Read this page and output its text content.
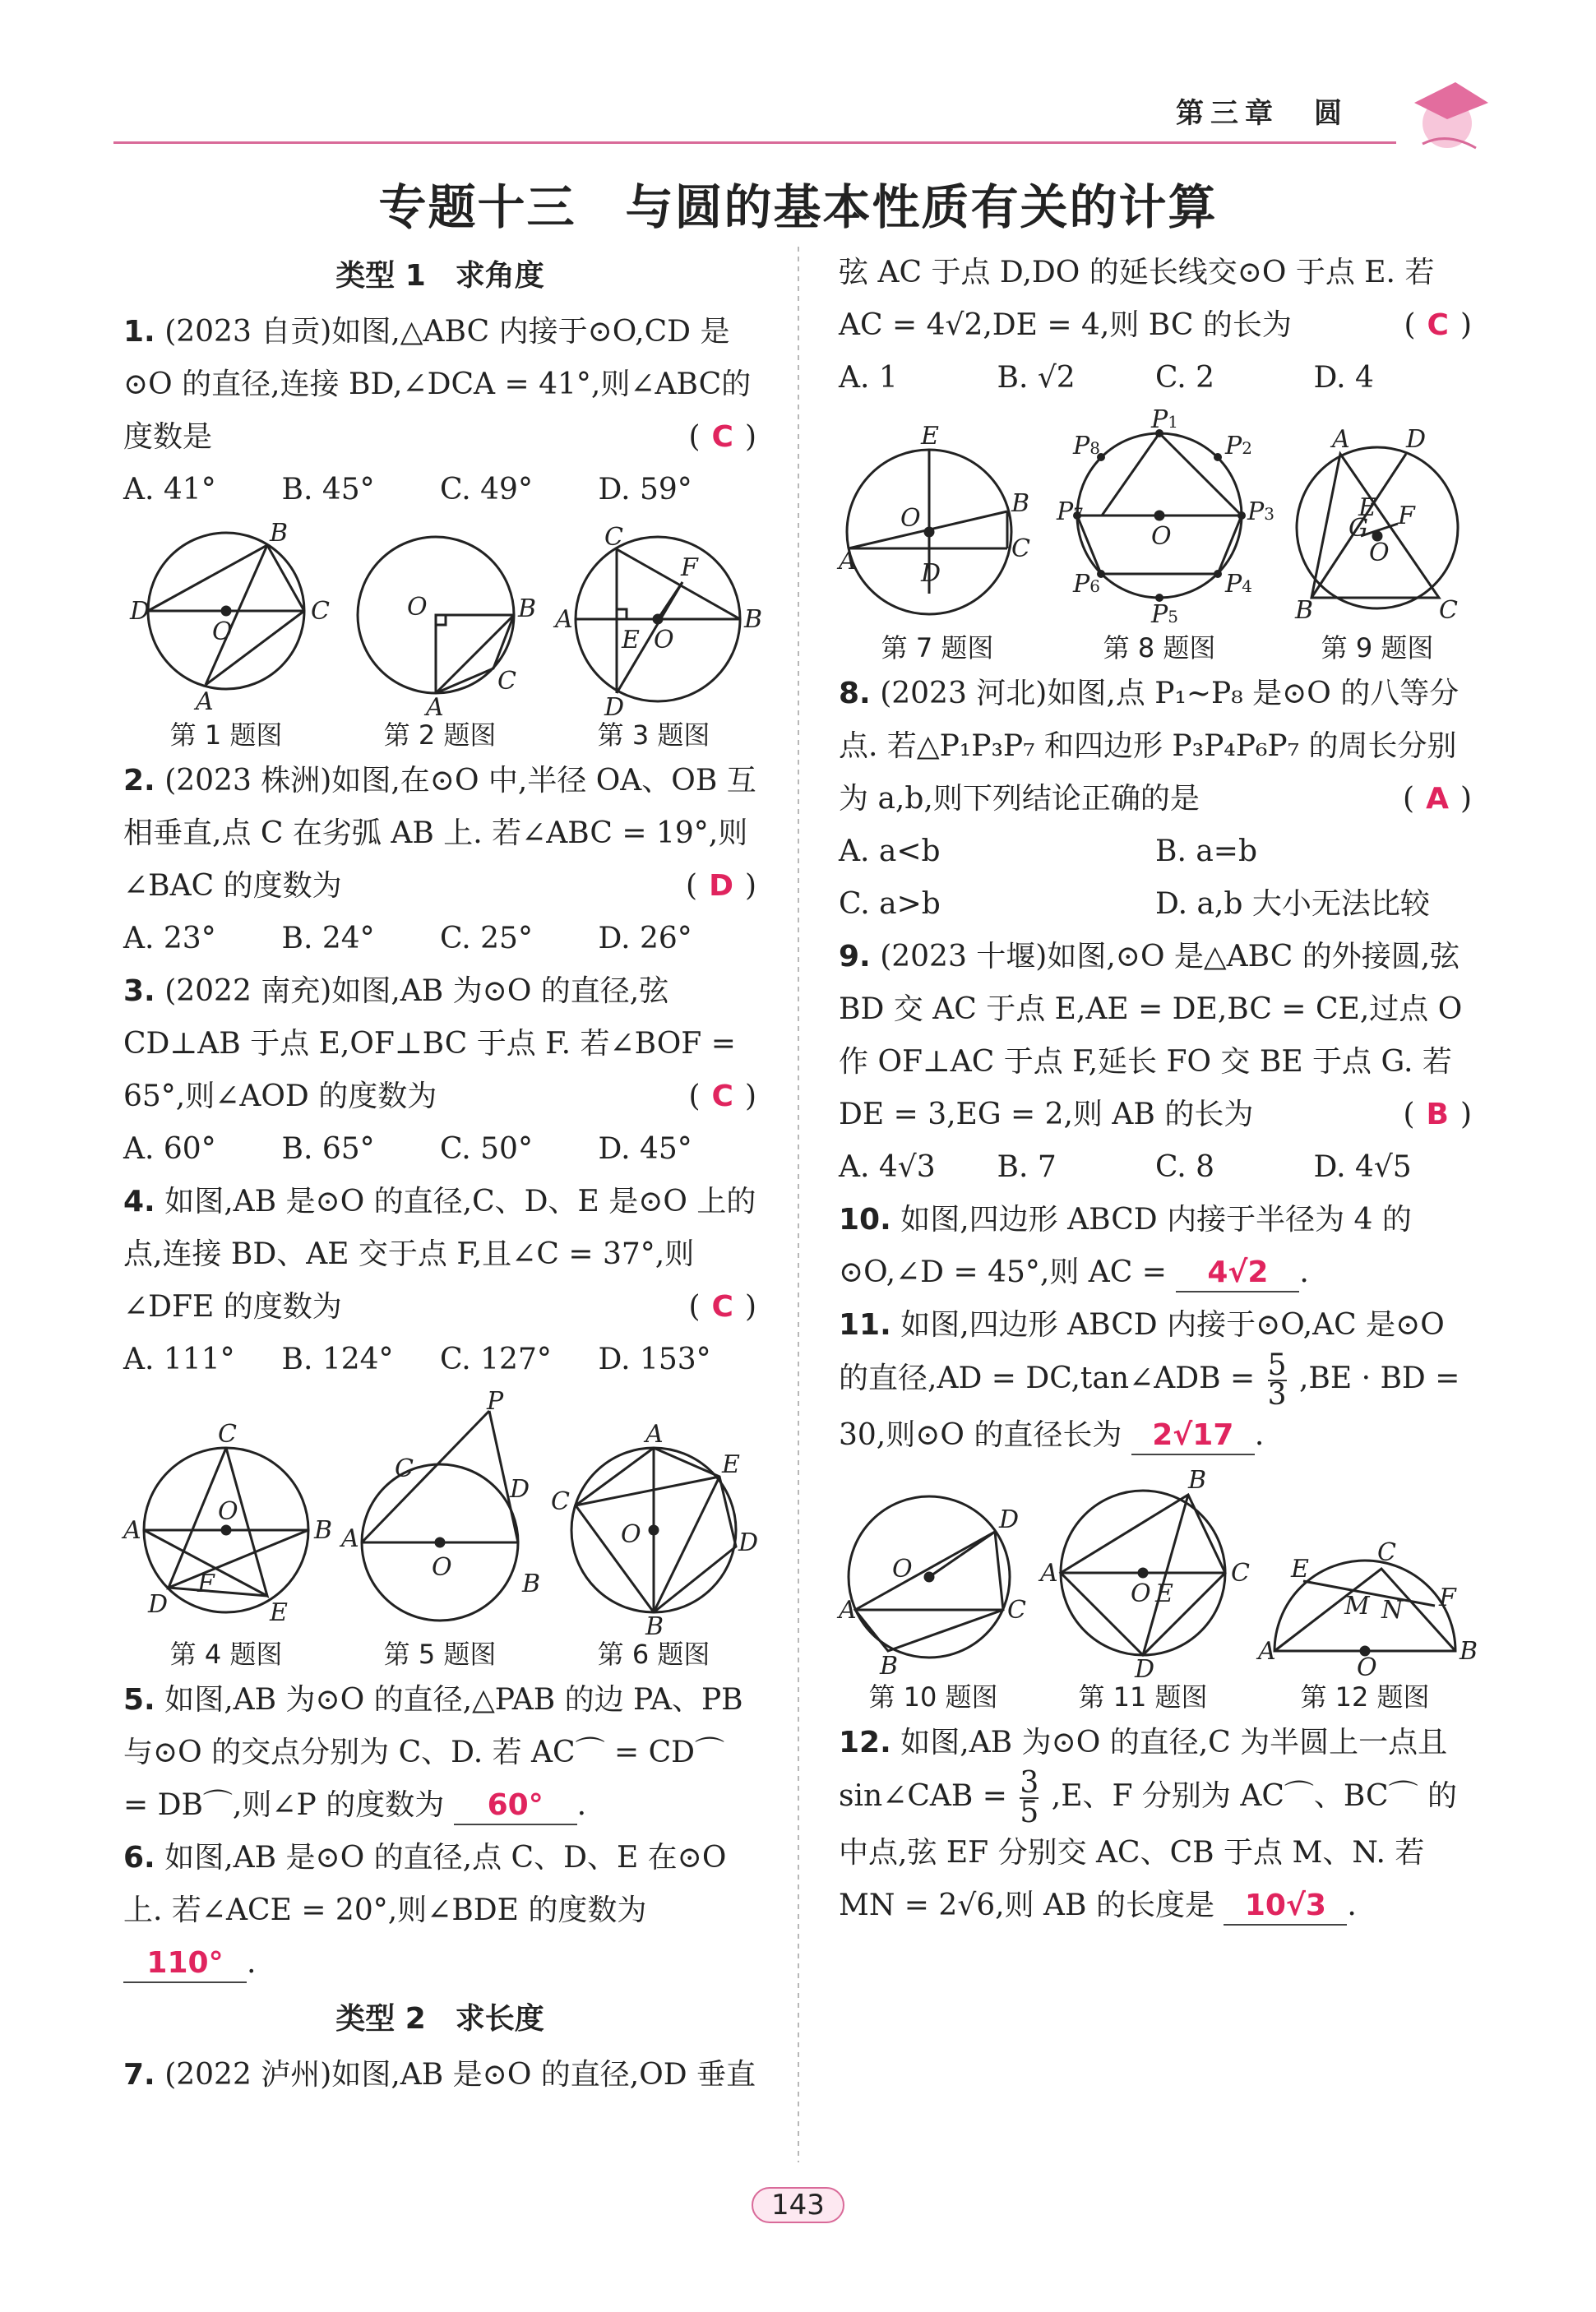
第三章　圆
专题十三　与圆的基本性质有关的计算
类型 1　求角度
1. (2023 自贡)如图,△ABC 内接于⊙O,CD 是⊙O 的直径,连接 BD,∠DCA = 41°,则∠ABC的度数是	( C )
A. 41°	B. 45°	C. 49°	D. 59°
D	C
B
A
O
第 1 题图
O	B
C
A
第 2 题图
A	B
C
D
E O
F
第 3 题图
2. (2023 株洲)如图,在⊙O 中,半径 OA、OB 互相垂直,点 C 在劣弧 AB 上. 若∠ABC = 19°,则∠BAC 的度数为	( D )
A. 23°	B. 24°	C. 25°	D. 26°
3. (2022 南充)如图,AB 为⊙O 的直径,弦 CD⊥AB 于点 E,OF⊥BC 于点 F. 若∠BOF = 65°,则∠AOD 的度数为	( C )
A. 60°	B. 65°	C. 50°	D. 45°
4. 如图,AB 是⊙O 的直径,C、D、E 是⊙O 上的点,连接 BD、AE 交于点 F,且∠C = 37°,则∠DFE 的度数为	( C )
A. 111°	B. 124°	C. 127°	D. 153°
A	B
C
D	E
F
O
第 4 题图
A
B
C
D
P
O
第 5 题图
A
B
C
D
E
O
第 6 题图
5. 如图,AB 为⊙O 的直径,△PAB 的边 PA、PB 与⊙O 的交点分别为 C、D. 若 AC⌒ = CD⌒ = DB⌒,则∠P 的度数为 60° .
6. 如图,AB 是⊙O 的直径,点 C、D、E 在⊙O 上. 若∠ACE = 20°,则∠BDE 的度数为 110° .
类型 2　求长度
7. (2022 泸州)如图,AB 是⊙O 的直径,OD 垂直
弦 AC 于点 D,DO 的延长线交⊙O 于点 E. 若 AC = 4√2,DE = 4,则 BC 的长为	( C )
A. 1	B. √2	C. 2	D. 4
E
A
B
C
D
O
第 7 题图
P1
P2
P3
P4
P5
P6
P7
P8
O
第 8 题图
A D
B	C
G
E F
O
第 9 题图
8. (2023 河北)如图,点 P₁~P₈ 是⊙O 的八等分点. 若△P₁P₃P₇ 和四边形 P₃P₄P₆P₇ 的周长分别为 a,b,则下列结论正确的是	( A )
A. a<b	B. a=b
C. a>b	D. a,b 大小无法比较
9. (2023 十堰)如图,⊙O 是△ABC 的外接圆,弦 BD 交 AC 于点 E,AE = DE,BC = CE,过点 O 作 OF⊥AC 于点 F,延长 FO 交 BE 于点 G. 若 DE = 3,EG = 2,则 AB 的长为	( B )
A. 4√3	B. 7	C. 8	D. 4√5
10. 如图,四边形 ABCD 内接于半径为 4 的⊙O,∠D = 45°,则 AC = 4√2 .
11. 如图,四边形 ABCD 内接于⊙O,AC 是⊙O 的直径,AD = DC,tan∠ADB = $\frac{5}{3} ,BE$ · BD = 30,则⊙O 的直径长为 2√17 .
A
B
C
D
O
第 10 题图
A
B
C
D
O E
第 11 题图
A	B
C
E
F
M N
O
第 12 题图
12. 如图,AB 为⊙O 的直径,C 为半圆上一点且 sin∠CAB = $\frac{3}{5} ,E$、F 分别为 AC⌒、BC⌒ 的中点,弦 EF 分别交 AC、CB 于点 M、N. 若 MN = 2√6,则 AB 的长度是 10√3 .
143
